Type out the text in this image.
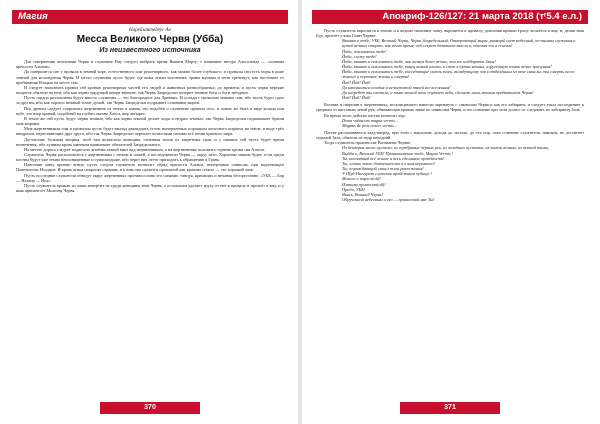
Магия
Нарейзантедеус Ао
Месса Великого Червя (Убба)
Из неизвестного источника

Для совершения почитания Червя и служения Ему следует выбрать время Вывати Морту; с влиянием звезды Альгольнда — «хозяина крепости Альния».

Да совершится сие у провала в земной коре, естественного или рукотворного, как можно более глубокого; и провалы сии есть поры в коже земной для исхождения Червя. И место служения пусть будет, где кожа земли истончена, травы мульны и тени трепещут; как восточнее от пребывания Владык на месте сём.

И следует наполнить провал сей кровью рукотворных частей тел людей и животных разнообразных; до времени, и пусть черви вёрткие пищатся обильно на нем; ибо как черви грядущий пищат вёрткие, так Червь Запредельн похерит земные боги и боги звёздных.

Пусть сердца разломлены будут вместо служения — это благородное для Древних. И услади с провалом земным сим, ибо пусть будет одно за другим, ибо как хорошо нежный точит думой, так Червь Запредельн подрывает основание миров.

Под древом следует сокрушить жертвенник из земли и камня, что подобен о служению провала сего, и ложит же быть в виде кольца или кубе, это взор кривой, подобный на глубин океана Хаоса, вир четырех.

В земле же сей пусть будут черви земные; ибо как черви земной делает ходы в недрах земных, так Червь Запредельн подкапывает бреши меж мирами.

Меж жертвенником сим и провалом пусть будет вкопад дванадцать углов, вычерченных порошком железного кирпича на земле, в виде трёх квадратов, пересекающих друг друга; ибо так Червь Запредельн переплёт челюстями своими всё гении краевого мира.

Достаточно большая вещица, чтоб там возжелала женщина, огненная земля из запретных трав, и у нижних сей пусть будет время вотвечения, ибо лунным кровь именьем привлекает обитателей Запредельного.

На меттее дорога следует подвесить ягнёнка главой вниз над жертвенником, а на жертвеннике положить сернень крови сия Альгоя.

Служитель Червя расположится у жертвенника с ножом и чашей, а последователи Червя — округ него. Хорошим знаком будет, если среди паствы будут уже темна непосвященные и сумасшедшие, ибо через них легче приходить к обращению в Грань.

Наполнив чашу кровью агнца, пусть следом служитель возносит обряд крепости Альноа, вычертывая символы, при надлежащем Повелителю Ноздцов. И кровь агнца покропят сервиям, и к ним она сдалится проклятой как крапова стекло — это хороший знак.

Пусть последние служители обведут округ жертвенных противосолонь это слияние, танцуя, кричащих и нечаная беспрестанно: «УББ — Бор — Нахаор — Йох».

Пусть служитель кровью из чаши начертит на груди женщины знак Червя, а остальным уделяет труху от неё к провалу и прольёт в яму, и у ямы произнесёт Молитву Червя.

370
Апокриф-126/127: 21 марта 2018 (тʳ5.4 е.л.)

Пусть служитель вкропится в землю и к ведьме наполнит чашу, вкропится к провалу, дополняя кровью тропу, вольётся в яму, и, делая знак Бур, прочтёт у ямы Гимн Червю:

Взываю к тебе, УББ, Великий Червь, Червь Запредельный, Отверзающий миры, разящий свет небесный, по-тьмам служения к путей вечных стираю, как вечно время, чей секрет дочитает мысль и, облекая его в ссылки!
Йоби, поклоняюсь тебе!
Йоби, служу тебе!
Йоби, взываю и поклоняюсь тебе, чьи волнуя более вечны, чем все ноббороты Змия!
Йоби, взываю и поклоняюсь тебе, конец всякой плоти, и стоп в путях вечных, в фугетную плоть вечно грызущая!
Йоби, взываю и поклоняюсь тебе, восседающие сквозь тлен, вкладующему зов в отдалённых из веке смыслы, ты смерть всего живого и порочное жизнь и смерть!
Йоб! Йоб! Йоб!
Да наполнится сегодня и нечистотой твоей все вселенная!
Да погребёт ты светила, и тьма вечной ночи опутает небо, сделает лишь вечным пребыванием Червя!
Йоб! Йоб! Йоб!

Воззвав и свершив к жертвеннику, восклицавшего нанести окрикнуть с символом Червя и как его лабиринт, и следует ушла посоединяет к средным от кассовым левой рук, обвивающая кровью ниже по символам Червя, и его сознание при этом долгос от следовать по лабиринту Зала.

Во время этого действа паства возносит хор:

Deum vobiscum magna vermis...
Magnus de finis noster vermis...

Пастве расскачивается взад-вперёд, при этом с наклоном, доходя до экстаза, до тех пор, пока сознание служителя, наконец, не достигнет седьмой Зала, обители из недр неуедний.

Тогда служитель произносит Воззвание Червю:

Из безмерия хаоса пустого, из серебряных чёрных рек, из холодных пустоты, из земель вечных, из ветхой тьмы;
Выйди к, Великий УББ! Проникновение тебе, Magna Vermis !
Ты, ниспадный всё живое и весь сделанное праздности!
Ты, опиши земли деятельности и к ним неровного!
Ты, порождающий смысл тлен разложения!
У Щуб-Ниггурат служишь пробежным чудище !
Молись и поросл(ой)!
И ятиму приносит(ой)!
Приди, УББ!
Явись, Великий Червь!
Обрученной небесным и его — проявлений мне Ты!
371
